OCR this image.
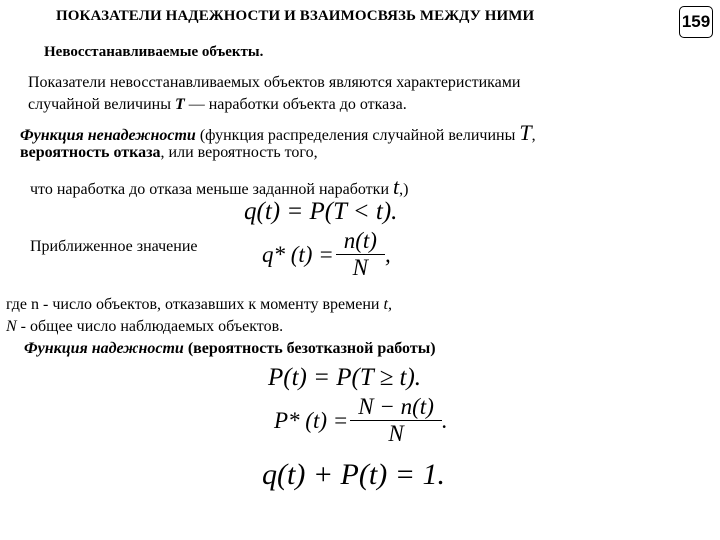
ПОКАЗАТЕЛИ НАДЕЖНОСТИ И ВЗАИМОСВЯЗЬ МЕЖДУ НИМИ	159
Невосстанавливаемые объекты.
Показатели невосстанавливаемых объектов являются характеристиками
случайной величины T — наработки объекта до отказа.
Функция ненадежности (функция распределения случайной величины T,
вероятность отказа, или вероятность того,
что наработка до отказа меньше заданной наработки t,)
q(t) = P(T < t).
Приближенное значение	q* $(t) = \frac{n(t)}{N}$ ,
где n - число объектов, отказавших к моменту времени t,
N - общее число наблюдаемых объектов.
Функция надежности (вероятность безотказной работы)
P(t) = P(T ≥ t).
P* $(t) = \frac{N - n(t)}{N}$ .
q(t) + P(t) = 1.
